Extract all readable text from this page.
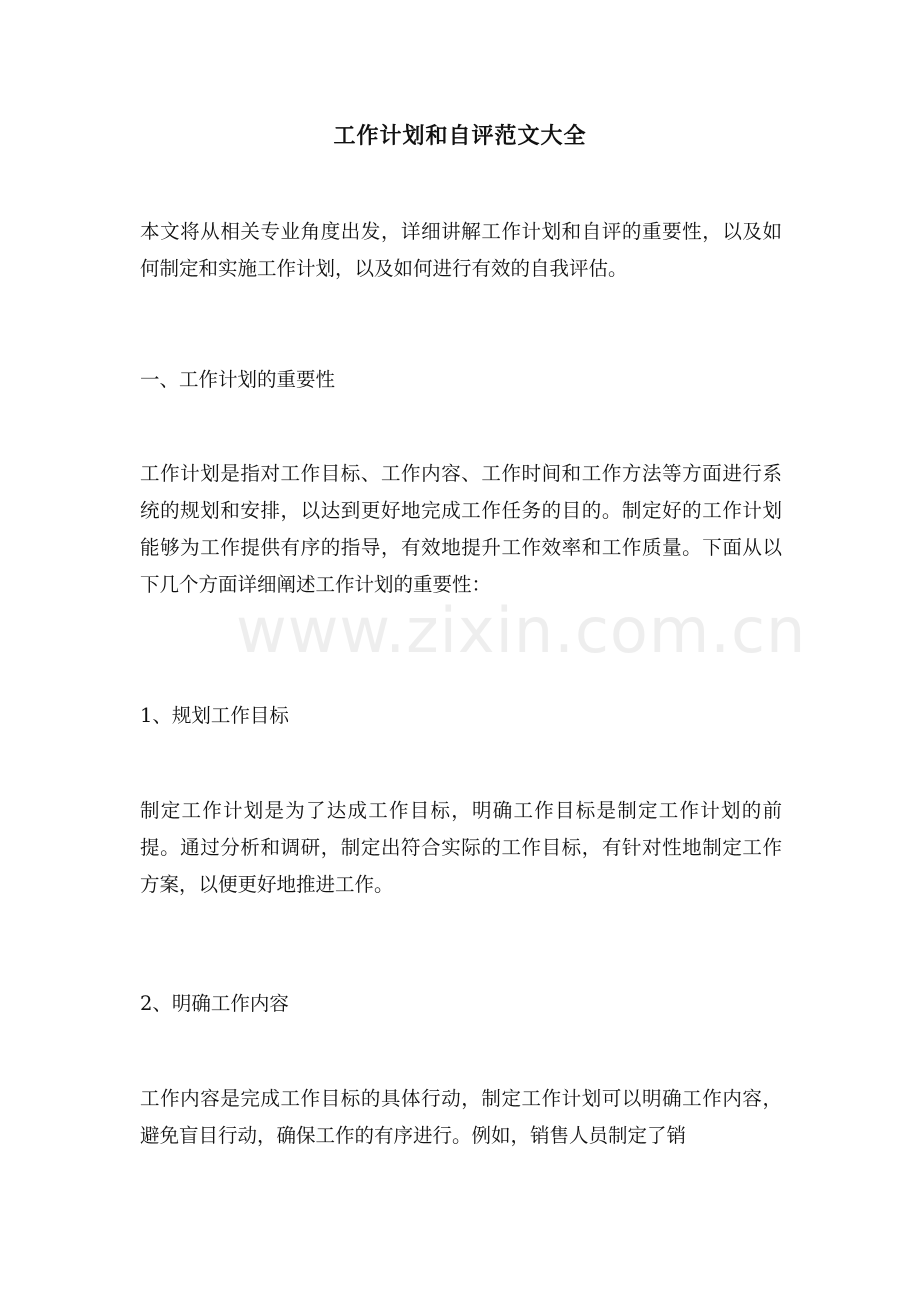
www.zixin.com.cn
工作计划和自评范文大全

本文将从相关专业角度出发，详细讲解工作计划和自评的重要性，以及如何制定和实施工作计划，以及如何进行有效的自我评估。

一、工作计划的重要性

工作计划是指对工作目标、工作内容、工作时间和工作方法等方面进行系统的规划和安排，以达到更好地完成工作任务的目的。制定好的工作计划能够为工作提供有序的指导，有效地提升工作效率和工作质量。下面从以下几个方面详细阐述工作计划的重要性：

1、规划工作目标

制定工作计划是为了达成工作目标，明确工作目标是制定工作计划的前提。通过分析和调研，制定出符合实际的工作目标，有针对性地制定工作方案，以便更好地推进工作。

2、明确工作内容

工作内容是完成工作目标的具体行动，制定工作计划可以明确工作内容，避免盲目行动，确保工作的有序进行。例如，销售人员制定了销
